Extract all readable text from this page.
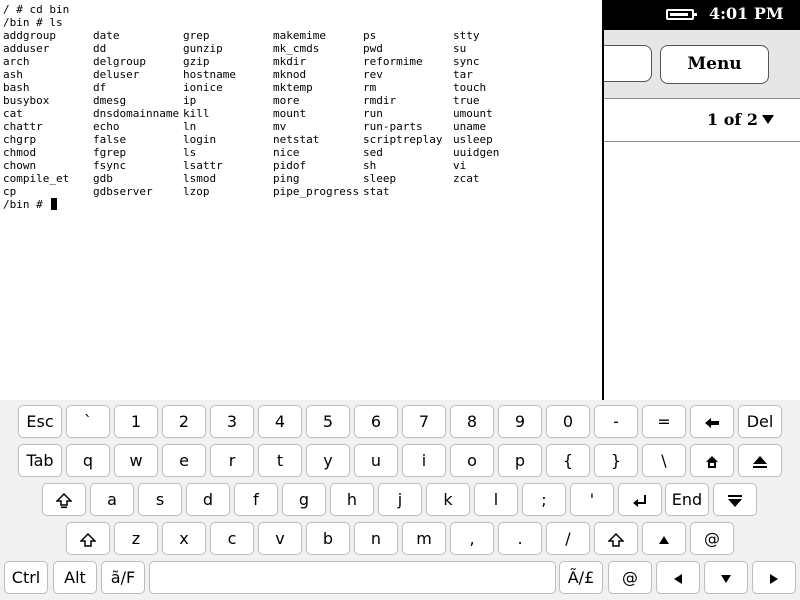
4:01 PM
Menu
1 of 2
/ # cd bin
/bin # ls
addgroup	date	grep	makemime	ps	stty
adduser	dd	gunzip	mk_cmds	pwd	su
arch	delgroup	gzip	mkdir	reformime	sync
ash	deluser	hostname	mknod	rev	tar
bash	df	ionice	mktemp	rm	touch
busybox	dmesg	ip	more	rmdir	true
cat	dnsdomainname kill	mount	run	umount
chattr	echo	ln	mv	run-parts	uname
chgrp	false	login	netstat	scriptreplay usleep
chmod	fgrep	ls	nice	sed	uuidgen
chown	fsync	lsattr	pidof	sh	vi
compile_et	gdb	lsmod	ping	sleep	zcat
cp	gdbserver	lzop	pipe_progress stat
/bin #
Esc	`	1	2	3	4	5	6	7	8	9	0	-	=	Del
Tab	q	w	e	r	t	y	u	i	o	p	{	}	\
a	s	d	f	g	h	j	k	l	;	'	End
z	x	c	v	b	n	m	,	.	/	@
Ctrl	Alt	ã/F	Ã/£	@
